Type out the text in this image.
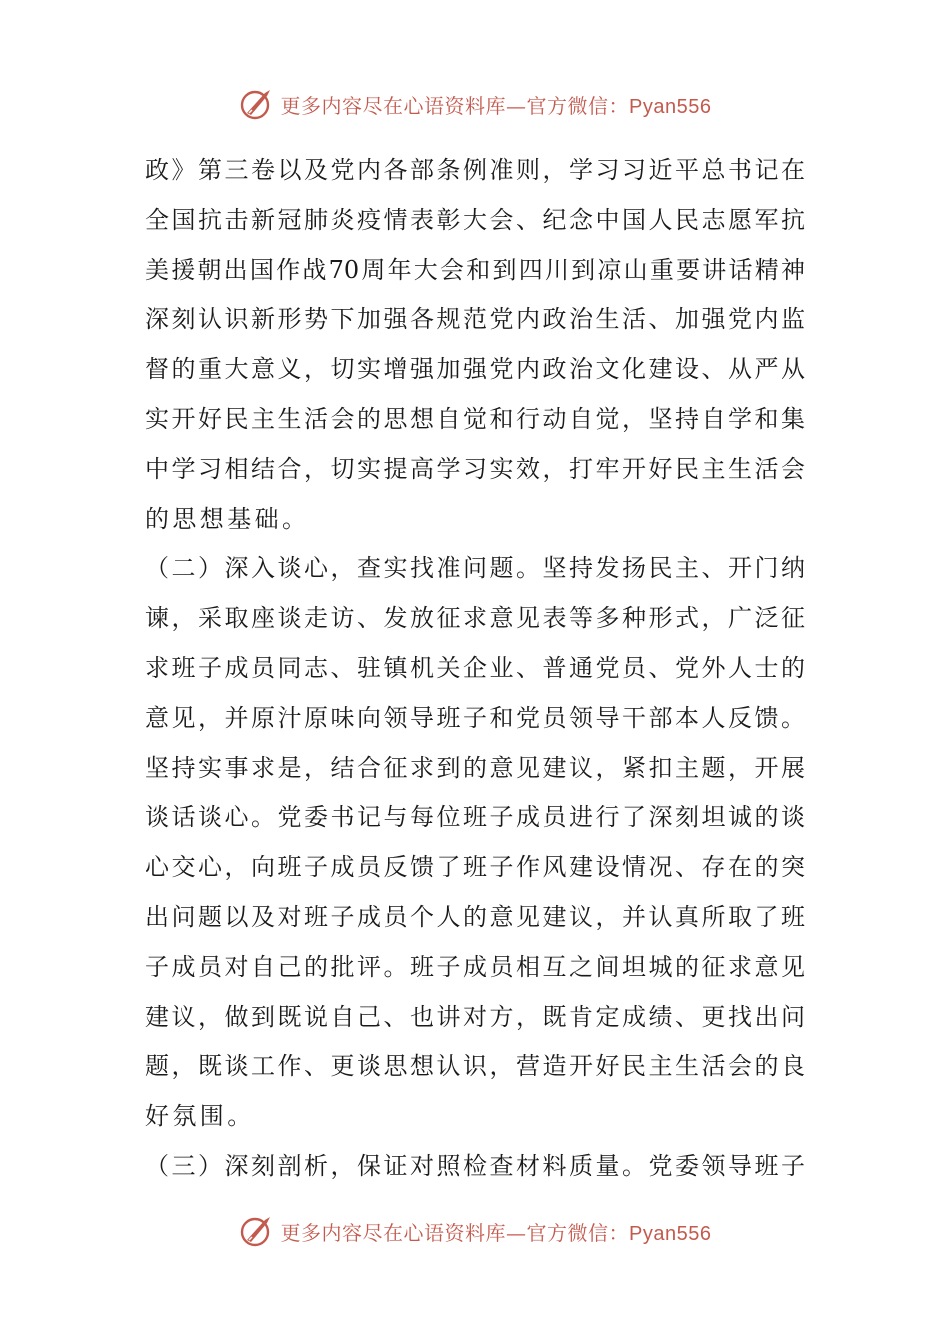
更多内容尽在心语资料库—官方微信：Pyan556
政》第三卷以及党内各部条例准则，学习习近平总书记在
全国抗击新冠肺炎疫情表彰大会、纪念中国人民志愿军抗
美援朝出国作战70周年大会和到四川到凉山重要讲话精神
深刻认识新形势下加强各规范党内政治生活、加强党内监
督的重大意义，切实增强加强党内政治文化建设、从严从
实开好民主生活会的思想自觉和行动自觉，坚持自学和集
中学习相结合，切实提高学习实效，打牢开好民主生活会
的思想基础。
（二）深入谈心，查实找准问题。坚持发扬民主、开门纳
谏，采取座谈走访、发放征求意见表等多种形式，广泛征
求班子成员同志、驻镇机关企业、普通党员、党外人士的
意见，并原汁原味向领导班子和党员领导干部本人反馈。
坚持实事求是，结合征求到的意见建议，紧扣主题，开展
谈话谈心。党委书记与每位班子成员进行了深刻坦诚的谈
心交心，向班子成员反馈了班子作风建设情况、存在的突
出问题以及对班子成员个人的意见建议，并认真所取了班
子成员对自己的批评。班子成员相互之间坦城的征求意见
建议，做到既说自己、也讲对方，既肯定成绩、更找出问
题，既谈工作、更谈思想认识，营造开好民主生活会的良
好氛围。
（三）深刻剖析，保证对照检查材料质量。党委领导班子
更多内容尽在心语资料库—官方微信：Pyan556
